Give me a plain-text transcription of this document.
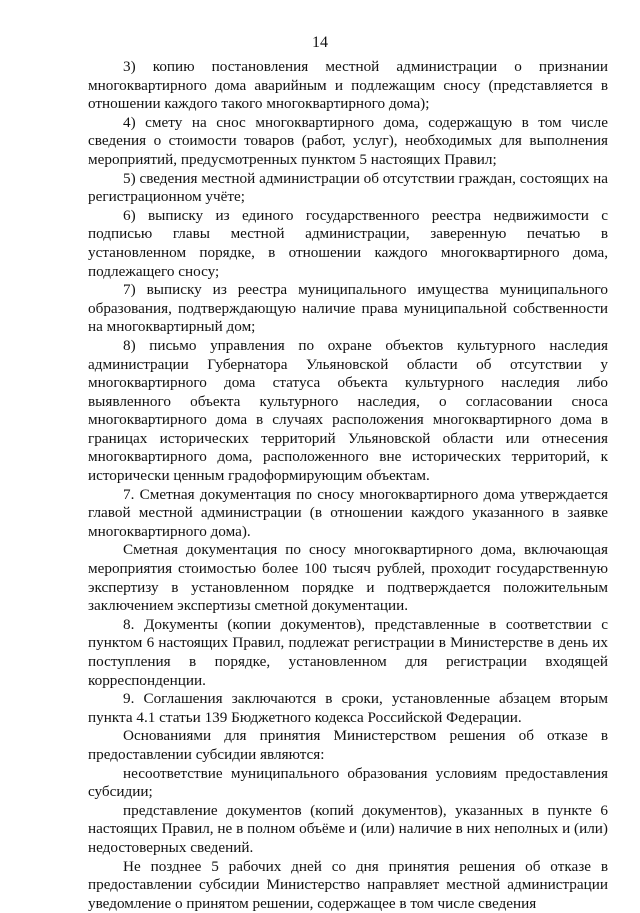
14

3) копию постановления местной администрации о признании многоквартирного дома аварийным и подлежащим сносу (представляется в отношении каждого такого многоквартирного дома);

4) смету на снос многоквартирного дома, содержащую в том числе сведения о стоимости товаров (работ, услуг), необходимых для выполнения мероприятий, предусмотренных пунктом 5 настоящих Правил;

5) сведения местной администрации об отсутствии граждан, состоящих на регистрационном учёте;

6) выписку из единого государственного реестра недвижимости с подписью главы местной администрации, заверенную печатью в установленном порядке, в отношении каждого многоквартирного дома, подлежащего сносу;

7) выписку из реестра муниципального имущества муниципального образования, подтверждающую наличие права муниципальной собственности на многоквартирный дом;

8) письмо управления по охране объектов культурного наследия администрации Губернатора Ульяновской области об отсутствии у многоквартирного дома статуса объекта культурного наследия либо выявленного объекта культурного наследия, о согласовании сноса многоквартирного дома в случаях расположения многоквартирного дома в границах исторических территорий Ульяновской области или отнесения многоквартирного дома, расположенного вне исторических территорий, к исторически ценным градоформирующим объектам.

7. Сметная документация по сносу многоквартирного дома утверждается главой местной администрации (в отношении каждого указанного в заявке многоквартирного дома).

Сметная документация по сносу многоквартирного дома, включающая мероприятия стоимостью более 100 тысяч рублей, проходит государственную экспертизу в установленном порядке и подтверждается положительным заключением экспертизы сметной документации.

8. Документы (копии документов), представленные в соответствии с пунктом 6 настоящих Правил, подлежат регистрации в Министерстве в день их поступления в порядке, установленном для регистрации входящей корреспонденции.

9. Соглашения заключаются в сроки, установленные абзацем вторым пункта 4.1 статьи 139 Бюджетного кодекса Российской Федерации.

Основаниями для принятия Министерством решения об отказе в предоставлении субсидии являются:

несоответствие муниципального образования условиям предоставления субсидии;

представление документов (копий документов), указанных в пункте 6 настоящих Правил, не в полном объёме и (или) наличие в них неполных и (или) недостоверных сведений.

Не позднее 5 рабочих дней со дня принятия решения об отказе в предоставлении субсидии Министерство направляет местной администрации уведомление о принятом решении, содержащее в том числе сведения
